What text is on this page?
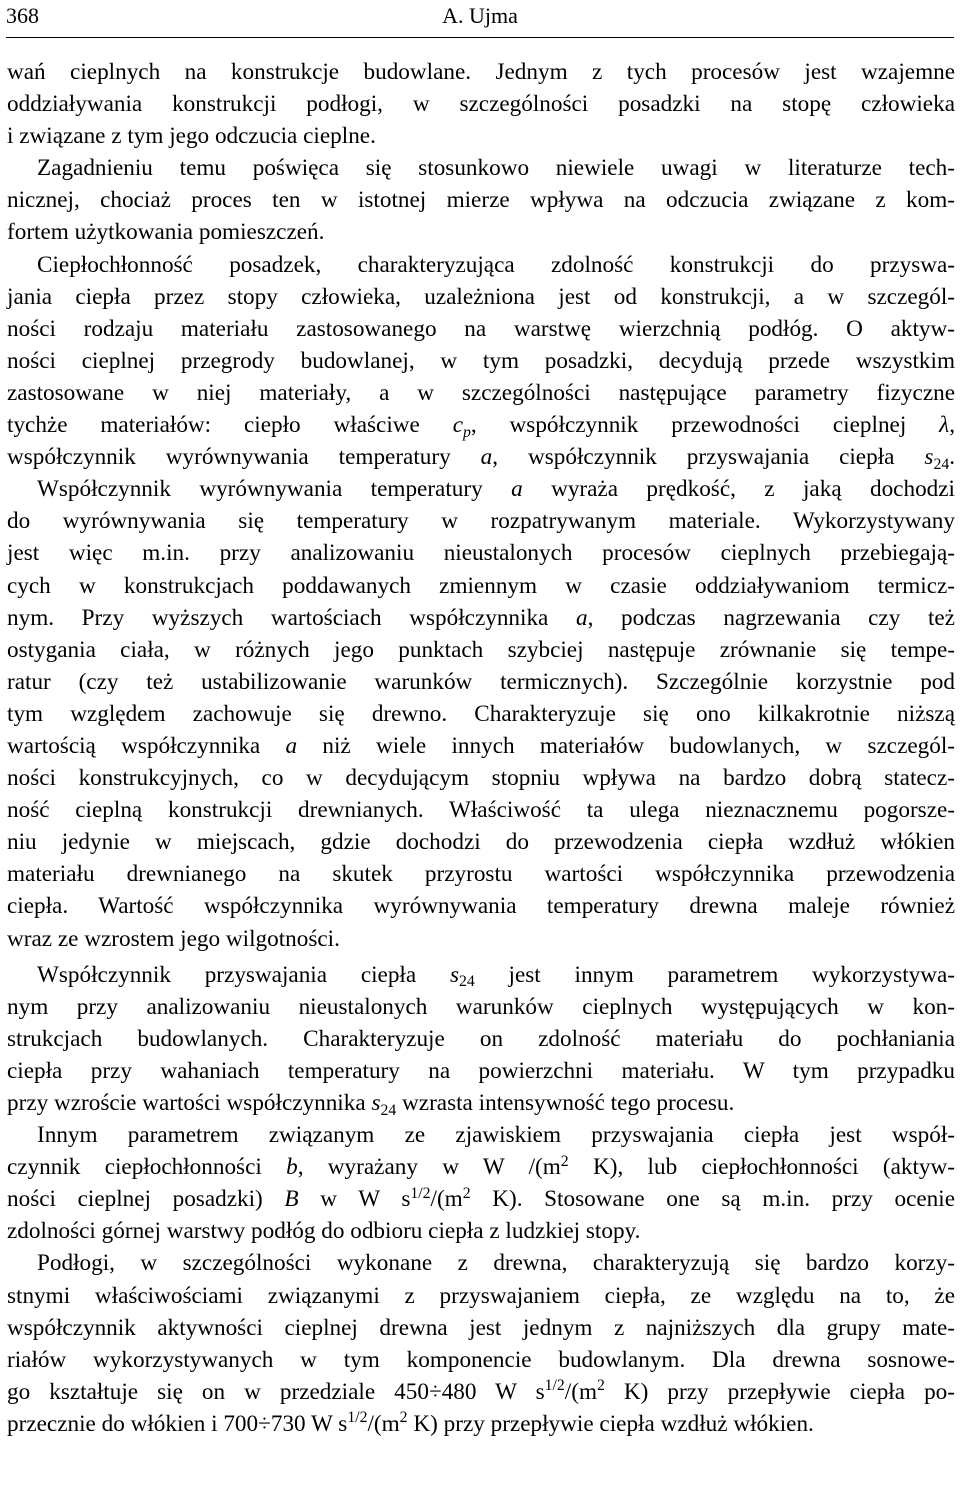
368	A. Ujma

wań cieplnych na konstrukcje budowlane. Jednym z tych procesów jest wzajemne

oddziaływania konstrukcji podłogi, w szczególności posadzki na stopę człowieka

i związane z tym jego odczucia cieplne.

Zagadnieniu temu poświęca się stosunkowo niewiele uwagi w literaturze tech-

nicznej, chociaż proces ten w istotnej mierze wpływa na odczucia związane z kom-

fortem użytkowania pomieszczeń.

Ciepłochłonność posadzek, charakteryzująca zdolność konstrukcji do przyswa-

jania ciepła przez stopy człowieka, uzależniona jest od konstrukcji, a w szczegól-

ności rodzaju materiału zastosowanego na warstwę wierzchnią podłóg. O aktyw-

ności cieplnej przegrody budowlanej, w tym posadzki, decydują przede wszystkim

zastosowane w niej materiały, a w szczególności następujące parametry fizyczne

tychże materiałów: ciepło właściwe $c_p$, współczynnik przewodności cieplnej λ,

współczynnik wyrównywania temperatury a, współczynnik przyswajania ciepła $s_{24}$.

Współczynnik wyrównywania temperatury a wyraża prędkość, z jaką dochodzi

do wyrównywania się temperatury w rozpatrywanym materiale. Wykorzystywany

jest więc m.in. przy analizowaniu nieustalonych procesów cieplnych przebiegają-

cych w konstrukcjach poddawanych zmiennym w czasie oddziaływaniom termicz-

nym. Przy wyższych wartościach współczynnika a, podczas nagrzewania czy też

ostygania ciała, w różnych jego punktach szybciej następuje zrównanie się tempe-

ratur (czy też ustabilizowanie warunków termicznych). Szczególnie korzystnie pod

tym względem zachowuje się drewno. Charakteryzuje się ono kilkakrotnie niższą

wartością współczynnika a niż wiele innych materiałów budowlanych, w szczegól-

ności konstrukcyjnych, co w decydującym stopniu wpływa na bardzo dobrą statecz-

ność cieplną konstrukcji drewnianych. Właściwość ta ulega nieznacznemu pogorsze-

niu jedynie w miejscach, gdzie dochodzi do przewodzenia ciepła wzdłuż włókien

materiału drewnianego na skutek przyrostu wartości współczynnika przewodzenia

ciepła. Wartość współczynnika wyrównywania temperatury drewna maleje również

wraz ze wzrostem jego wilgotności.

Współczynnik przyswajania ciepła $s_{24}$ jest innym parametrem wykorzystywa-

nym przy analizowaniu nieustalonych warunków cieplnych występujących w kon-

strukcjach budowlanych. Charakteryzuje on zdolność materiału do pochłaniania

ciepła przy wahaniach temperatury na powierzchni materiału. W tym przypadku

przy wzroście wartości współczynnika $s_{24}$ wzrasta intensywność tego procesu.

Innym parametrem związanym ze zjawiskiem przyswajania ciepła jest współ-

czynnik ciepłochłonności b, wyrażany w W $/(m^2$ K), lub ciepłochłonności (aktyw-

ności cieplnej posadzki) B w W $s^{1/2}/(m^2$ K). Stosowane one są m.in. przy ocenie

zdolności górnej warstwy podłóg do odbioru ciepła z ludzkiej stopy.

Podłogi, w szczególności wykonane z drewna, charakteryzują się bardzo korzy-

stnymi właściwościami związanymi z przyswajaniem ciepła, ze względu na to, że

współczynnik aktywności cieplnej drewna jest jednym z najniższych dla grupy mate-

riałów wykorzystywanych w tym komponencie budowlanym. Dla drewna sosnowe-

go kształtuje się on w przedziale 450÷480 W $s^{1/2}/(m^2$ K) przy przepływie ciepła po-

przecznie do włókien i 700÷730 W $s^{1/2}/(m^2$ K) przy przepływie ciepła wzdłuż włókien.
